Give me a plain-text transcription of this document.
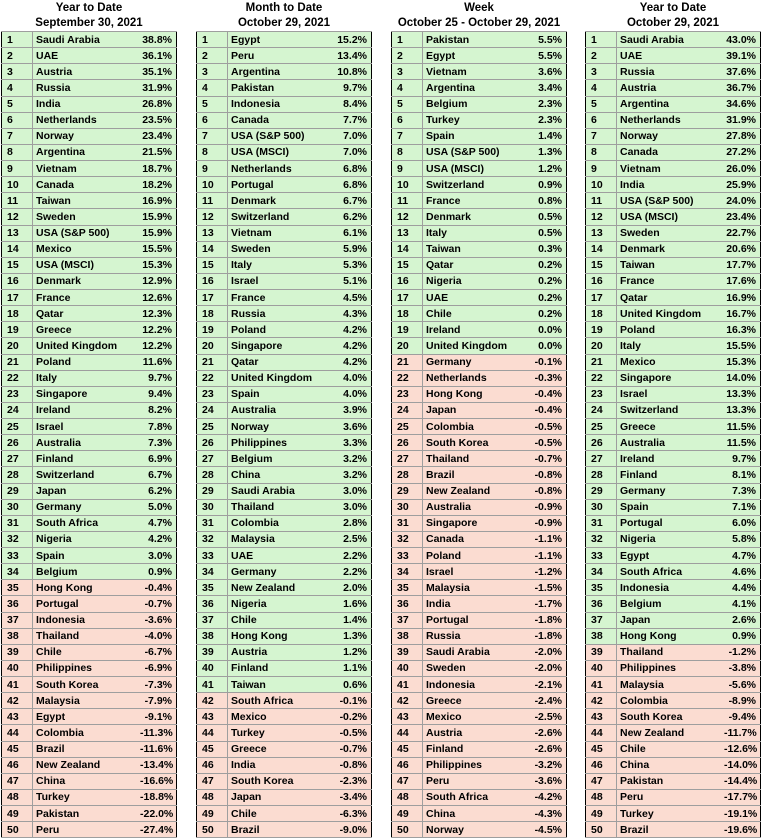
Year to Date
September 30, 2021
1	Saudi Arabia	38.8%
2	UAE	36.1%
3	Austria	35.1%
4	Russia	31.9%
5	India	26.8%
6	Netherlands	23.5%
7	Norway	23.4%
8	Argentina	21.5%
9	Vietnam	18.7%
10	Canada	18.2%
11	Taiwan	16.9%
12	Sweden	15.9%
13	USA (S&P 500)	15.9%
14	Mexico	15.5%
15	USA (MSCI)	15.3%
16	Denmark	12.9%
17	France	12.6%
18	Qatar	12.3%
19	Greece	12.2%
20	United Kingdom	12.2%
21	Poland	11.6%
22	Italy	9.7%
23	Singapore	9.4%
24	Ireland	8.2%
25	Israel	7.8%
26	Australia	7.3%
27	Finland	6.9%
28	Switzerland	6.7%
29	Japan	6.2%
30	Germany	5.0%
31	South Africa	4.7%
32	Nigeria	4.2%
33	Spain	3.0%
34	Belgium	0.9%
35	Hong Kong	-0.4%
36	Portugal	-0.7%
37	Indonesia	-3.6%
38	Thailand	-4.0%
39	Chile	-6.7%
40	Philippines	-6.9%
41	South Korea	-7.3%
42	Malaysia	-7.9%
43	Egypt	-9.1%
44	Colombia	-11.3%
45	Brazil	-11.6%
46	New Zealand	-13.4%
47	China	-16.6%
48	Turkey	-18.8%
49	Pakistan	-22.0%
50	Peru	-27.4%
Month to Date
October 29, 2021
1	Egypt	15.2%
2	Peru	13.4%
3	Argentina	10.8%
4	Pakistan	9.7%
5	Indonesia	8.4%
6	Canada	7.7%
7	USA (S&P 500)	7.0%
8	USA (MSCI)	7.0%
9	Netherlands	6.8%
10	Portugal	6.8%
11	Denmark	6.7%
12	Switzerland	6.2%
13	Vietnam	6.1%
14	Sweden	5.9%
15	Italy	5.3%
16	Israel	5.1%
17	France	4.5%
18	Russia	4.3%
19	Poland	4.2%
20	Singapore	4.2%
21	Qatar	4.2%
22	United Kingdom	4.0%
23	Spain	4.0%
24	Australia	3.9%
25	Norway	3.6%
26	Philippines	3.3%
27	Belgium	3.2%
28	China	3.2%
29	Saudi Arabia	3.0%
30	Thailand	3.0%
31	Colombia	2.8%
32	Malaysia	2.5%
33	UAE	2.2%
34	Germany	2.2%
35	New Zealand	2.0%
36	Nigeria	1.6%
37	Chile	1.4%
38	Hong Kong	1.3%
39	Austria	1.2%
40	Finland	1.1%
41	Taiwan	0.6%
42	South Africa	-0.1%
43	Mexico	-0.2%
44	Turkey	-0.5%
45	Greece	-0.7%
46	India	-0.8%
47	South Korea	-2.3%
48	Japan	-3.4%
49	Chile	-6.3%
50	Brazil	-9.0%
Week
October 25 - October 29, 2021
1	Pakistan	5.5%
2	Egypt	5.5%
3	Vietnam	3.6%
4	Argentina	3.4%
5	Belgium	2.3%
6	Turkey	2.3%
7	Spain	1.4%
8	USA (S&P 500)	1.3%
9	USA (MSCI)	1.2%
10	Switzerland	0.9%
11	France	0.8%
12	Denmark	0.5%
13	Italy	0.5%
14	Taiwan	0.3%
15	Qatar	0.2%
16	Nigeria	0.2%
17	UAE	0.2%
18	Chile	0.2%
19	Ireland	0.0%
20	United Kingdom	0.0%
21	Germany	-0.1%
22	Netherlands	-0.3%
23	Hong Kong	-0.4%
24	Japan	-0.4%
25	Colombia	-0.5%
26	South Korea	-0.5%
27	Thailand	-0.7%
28	Brazil	-0.8%
29	New Zealand	-0.8%
30	Australia	-0.9%
31	Singapore	-0.9%
32	Canada	-1.1%
33	Poland	-1.1%
34	Israel	-1.2%
35	Malaysia	-1.5%
36	India	-1.7%
37	Portugal	-1.8%
38	Russia	-1.8%
39	Saudi Arabia	-2.0%
40	Sweden	-2.0%
41	Indonesia	-2.1%
42	Greece	-2.4%
43	Mexico	-2.5%
44	Austria	-2.6%
45	Finland	-2.6%
46	Philippines	-3.2%
47	Peru	-3.6%
48	South Africa	-4.2%
49	China	-4.3%
50	Norway	-4.5%
Year to Date
October 29, 2021
1	Saudi Arabia	43.0%
2	UAE	39.1%
3	Russia	37.6%
4	Austria	36.7%
5	Argentina	34.6%
6	Netherlands	31.9%
7	Norway	27.8%
8	Canada	27.2%
9	Vietnam	26.0%
10	India	25.9%
11	USA (S&P 500)	24.0%
12	USA (MSCI)	23.4%
13	Sweden	22.7%
14	Denmark	20.6%
15	Taiwan	17.7%
16	France	17.6%
17	Qatar	16.9%
18	United Kingdom	16.7%
19	Poland	16.3%
20	Italy	15.5%
21	Mexico	15.3%
22	Singapore	14.0%
23	Israel	13.3%
24	Switzerland	13.3%
25	Greece	11.5%
26	Australia	11.5%
27	Ireland	9.7%
28	Finland	8.1%
29	Germany	7.3%
30	Spain	7.1%
31	Portugal	6.0%
32	Nigeria	5.8%
33	Egypt	4.7%
34	South Africa	4.6%
35	Indonesia	4.4%
36	Belgium	4.1%
37	Japan	2.6%
38	Hong Kong	0.9%
39	Thailand	-1.2%
40	Philippines	-3.8%
41	Malaysia	-5.6%
42	Colombia	-8.9%
43	South Korea	-9.4%
44	New Zealand	-11.7%
45	Chile	-12.6%
46	China	-14.0%
47	Pakistan	-14.4%
48	Peru	-17.7%
49	Turkey	-19.1%
50	Brazil	-19.6%
